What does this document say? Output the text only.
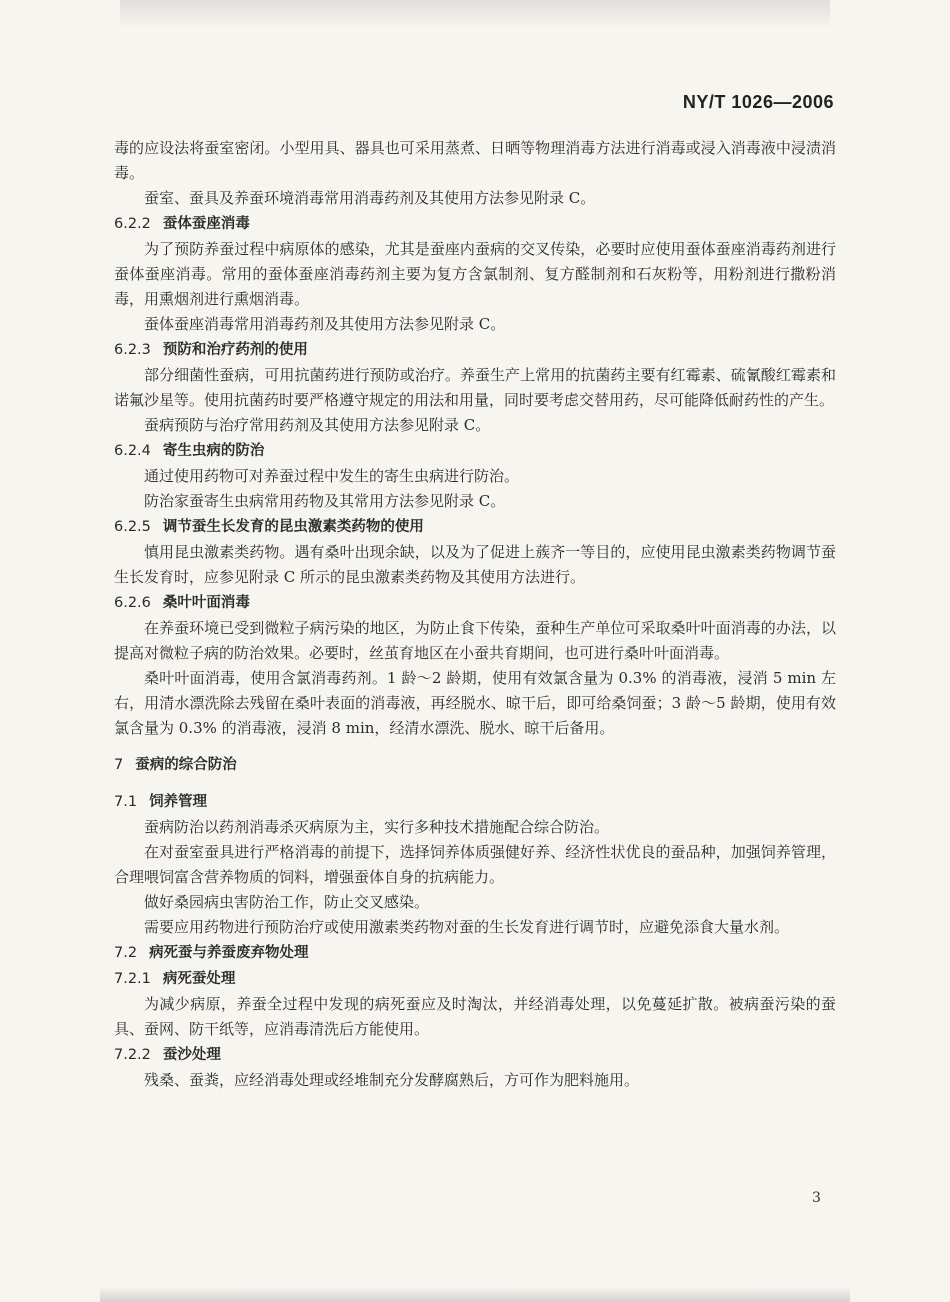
NY/T 1026—2006

毒的应设法将蚕室密闭。小型用具、器具也可采用蒸煮、日晒等物理消毒方法进行消毒或浸入消毒液中浸渍消毒。

蚕室、蚕具及养蚕环境消毒常用消毒药剂及其使用方法参见附录 C。

6.2.2 蚕体蚕座消毒

为了预防养蚕过程中病原体的感染，尤其是蚕座内蚕病的交叉传染，必要时应使用蚕体蚕座消毒药剂进行蚕体蚕座消毒。常用的蚕体蚕座消毒药剂主要为复方含氯制剂、复方醛制剂和石灰粉等，用粉剂进行撒粉消毒，用熏烟剂进行熏烟消毒。

蚕体蚕座消毒常用消毒药剂及其使用方法参见附录 C。

6.2.3 预防和治疗药剂的使用

部分细菌性蚕病，可用抗菌药进行预防或治疗。养蚕生产上常用的抗菌药主要有红霉素、硫氰酸红霉素和诺氟沙星等。使用抗菌药时要严格遵守规定的用法和用量，同时要考虑交替用药，尽可能降低耐药性的产生。

蚕病预防与治疗常用药剂及其使用方法参见附录 C。

6.2.4 寄生虫病的防治

通过使用药物可对养蚕过程中发生的寄生虫病进行防治。

防治家蚕寄生虫病常用药物及其常用方法参见附录 C。

6.2.5 调节蚕生长发育的昆虫激素类药物的使用

慎用昆虫激素类药物。遇有桑叶出现余缺，以及为了促进上蔟齐一等目的，应使用昆虫激素类药物调节蚕生长发育时，应参见附录 C 所示的昆虫激素类药物及其使用方法进行。

6.2.6 桑叶叶面消毒

在养蚕环境已受到微粒子病污染的地区，为防止食下传染，蚕种生产单位可采取桑叶叶面消毒的办法，以提高对微粒子病的防治效果。必要时，丝茧育地区在小蚕共育期间，也可进行桑叶叶面消毒。

桑叶叶面消毒，使用含氯消毒药剂。1 龄～2 龄期，使用有效氯含量为 0.3% 的消毒液，浸消 5 min 左右，用清水漂洗除去残留在桑叶表面的消毒液，再经脱水、晾干后，即可给桑饲蚕；3 龄～5 龄期，使用有效氯含量为 0.3% 的消毒液，浸消 8 min，经清水漂洗、脱水、晾干后备用。

7 蚕病的综合防治
7.1 饲养管理

蚕病防治以药剂消毒杀灭病原为主，实行多种技术措施配合综合防治。

在对蚕室蚕具进行严格消毒的前提下，选择饲养体质强健好养、经济性状优良的蚕品种，加强饲养管理，合理喂饲富含营养物质的饲料，增强蚕体自身的抗病能力。

做好桑园病虫害防治工作，防止交叉感染。

需要应用药物进行预防治疗或使用激素类药物对蚕的生长发育进行调节时，应避免添食大量水剂。

7.2 病死蚕与养蚕废弃物处理
7.2.1 病死蚕处理

为减少病原，养蚕全过程中发现的病死蚕应及时淘汰，并经消毒处理，以免蔓延扩散。被病蚕污染的蚕具、蚕网、防干纸等，应消毒清洗后方能使用。

7.2.2 蚕沙处理

残桑、蚕粪，应经消毒处理或经堆制充分发酵腐熟后，方可作为肥料施用。

3
